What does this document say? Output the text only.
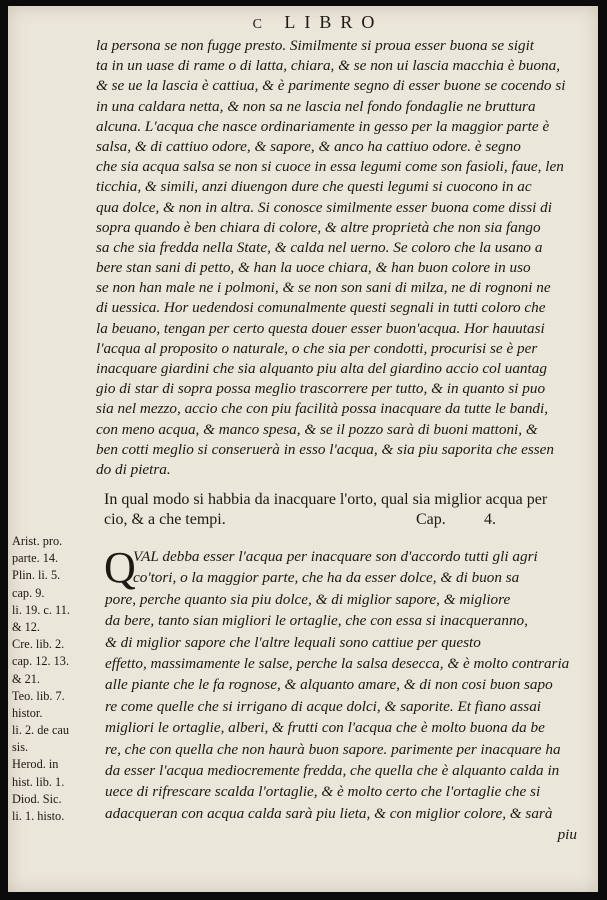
C LIBRO
la persona se non fugge presto. Similmente si proua esser buona se sigit
ta in un uase di rame o di latta, chiara, & se non ui lascia macchia è buona,
& se ue la lascia è cattiua, & è parimente segno di esser buone se cocendo si
in una caldara netta, & non sa ne lascia nel fondo fondaglie ne bruttura
alcuna. L'acqua che nasce ordinariamente in gesso per la maggior parte è
salsa, & di cattiuo odore, & sapore, & anco ha cattiuo odore. è segno
che sia acqua salsa se non si cuoce in essa legumi come son fasioli, faue, len
ticchia, & simili, anzi diuengon dure che questi legumi si cuocono in ac
qua dolce, & non in altra. Si conosce similmente esser buona come dissi di
sopra quando è ben chiara di colore, & altre proprietà che non sia fango
sa che sia fredda nella State, & calda nel uerno. Se coloro che la usano a
bere stan sani di petto, & han la uoce chiara, & han buon colore in uso
se non han male ne i polmoni, & se non son sani di milza, ne di rognoni ne
di uessica. Hor uedendosi comunalmente questi segnali in tutti coloro che
la beuano, tengan per certo questa douer esser buon'acqua. Hor hauutasi
l'acqua al proposito o naturale, o che sia per condotti, procurisi se è per
inacquare giardini che sia alquanto piu alta del giardino accio col uantag
gio di star di sopra possa meglio trascorrere per tutto, & in quanto si puo
sia nel mezzo, accio che con piu facilità possa inacquare da tutte le bandi,
con meno acqua, & manco spesa, & se il pozzo sarà di buoni mattoni, &
ben cotti meglio si conseruerà in esso l'acqua, & sia piu saporita che essen
do di pietra.
In qual modo si habbia da inacquare l'orto, qual sia miglior acqua per
cio, & a che tempi.	Cap. 4.
Arist. pro.
parte. 14.
Plin. li. 5.
cap. 9.
li. 19. c. 11.
& 12.
Cre. lib. 2.
cap. 12. 13.
& 21.
Teo. lib. 7.
histor.
li. 2. de cau
sis.
Herod. in
hist. lib. 1.
Diod. Sic.
li. 1. histo.
Q
VAL debba esser l'acqua per inacquare son d'accordo tutti gli agri
co'tori, o la maggior parte, che ha da esser dolce, & di buon sa
pore, perche quanto sia piu dolce, & di miglior sapore, & migliore
da bere, tanto sian migliori le ortaglie, che con essa si inacqueranno,
& di miglior sapore che l'altre lequali sono cattiue per questo
effetto, massimamente le salse, perche la salsa desecca, & è molto contraria
alle piante che le fa rognose, & alquanto amare, & di non cosi buon sapo
re come quelle che si irrigano di acque dolci, & saporite. Et fiano assai
migliori le ortaglie, alberi, & frutti con l'acqua che è molto buona da be
re, che con quella che non haurà buon sapore. parimente per inacquare ha
da esser l'acqua mediocremente fredda, che quella che è alquanto calda in
uece di rifrescare scalda l'ortaglie, & è molto certo che l'ortaglie che si
adacqueran con acqua calda sarà piu lieta, & con miglior colore, & sarà
piu
